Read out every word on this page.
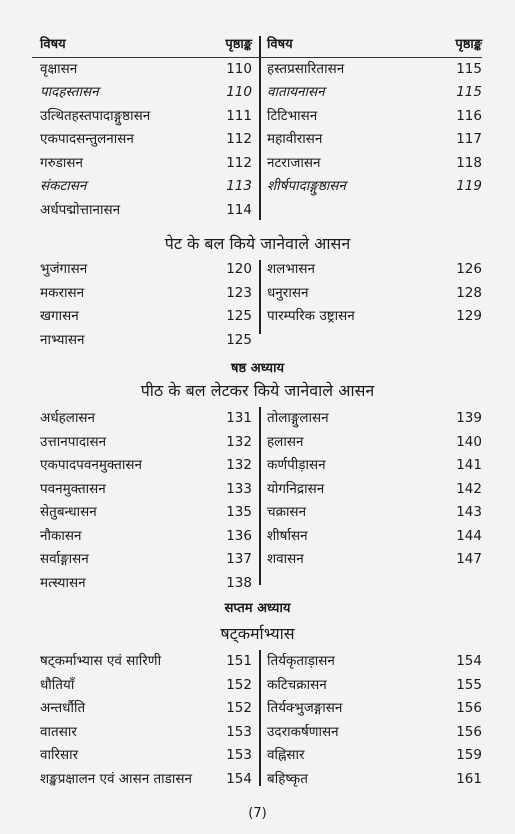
विषय	पृष्ठाङ्क विषय	पृष्ठाङ्क
वृक्षासन	110 हस्तप्रसारितासन	115
पादहस्तासन	110 वातायनासन	115
उत्थितहस्तपादाङ्गुष्ठासन	111 टिटिभासन	116
एकपादसन्तुलनासन	112 महावीरासन	117
गरुडासन	112 नटराजासन	118
संकटासन	113 शीर्षपादाङ्गुष्ठासन	119
अर्धपद्मोत्तानासन	114
पेट के बल किये जानेवाले आसन
भुजंगासन	120 शलभासन	126
मकरासन	123 धनुरासन	128
खगासन	125 पारम्परिक उष्ट्रासन	129
नाभ्यासन	125
षष्ठ अध्याय
पीठ के बल लेटकर किये जानेवाले आसन
अर्धहलासन	131 तोलाङ्गुलासन	139
उत्तानपादासन	132 हलासन	140
एकपादपवनमुक्तासन	132 कर्णपीड़ासन	141
पवनमुक्तासन	133 योगनिद्रासन	142
सेतुबन्धासन	135 चक्रासन	143
नौकासन	136 शीर्षासन	144
सर्वाङ्गासन	137 शवासन	147
मत्स्यासन	138
सप्तम अध्याय
षट्कर्माभ्यास
षट्कर्माभ्यास एवं सारिणी	151 तिर्यकृताड़ासन	154
धौतियाँ	152 कटिचक्रासन	155
अन्तर्धौति	152 तिर्यक्भुजङ्गासन	156
वातसार	153 उदराकर्षणासन	156
वारिसार	153 वह्निसार	159
शङ्खप्रक्षालन एवं आसन ताडासन	154 बहिष्कृत	161
(7)
